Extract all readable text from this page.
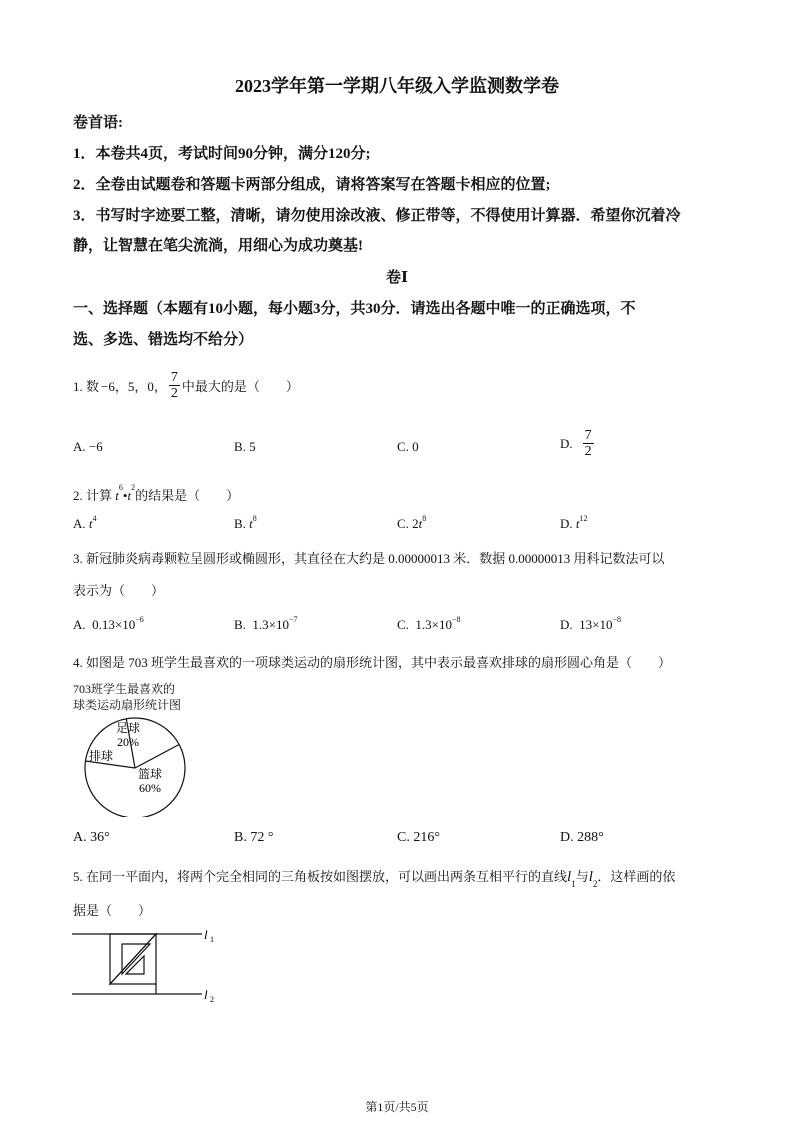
2023学年第一学期八年级入学监测数学卷
卷首语:
1．本卷共4页，考试时间90分钟，满分120分;
2．全卷由试题卷和答题卡两部分组成，请将答案写在答题卡相应的位置;
3．书写时字迹要工整，清晰，请勿使用涂改液、修正带等，不得使用计算器．希望你沉着冷
静，让智慧在笔尖流淌，用细心为成功奠基!
卷Ⅰ
一、选择题（本题有10小题，每小题3分，共30分．请选出各题中唯一的正确选项，不
选、多选、错选均不给分）
1. 数 −6，5，0， $\frac{7}{2}$ 中最大的是（　　）
A. −6	B. 5	C. 0	D. $\frac{7}{2}$
2. 计算 $t^6•t^2$的结果是（　　）
A. $t^4$	B. $t^8$	C. $2t^8$	D. $t^{12}$
3. 新冠肺炎病毒颗粒呈圆形或椭圆形，其直径在大约是 0.00000013 米．数据 0.00000013 用科记数法可以
表示为（　　）
A. $0.13\times 10^{-6}$	B. $1.3\times 10^{-7}$	C. $1.3\times 10^{-8}$	D. $13\times 10^{-8}$
4. 如图是 703 班学生最喜欢的一项球类运动的扇形统计图，其中表示最喜欢排球的扇形圆心角是（　　）
703班学生最喜欢的
球类运动扇形统计图
足球
20%
篮球
60%
排球
A. 36°	B. 72 °	C. 216°	D. 288°
5. 在同一平面内，将两个完全相同的三角板按如图摆放，可以画出两条互相平行的直线$l_1$与$l_2$．这样画的依
据是（　　）
l 1
l 2
第1页/共5页
